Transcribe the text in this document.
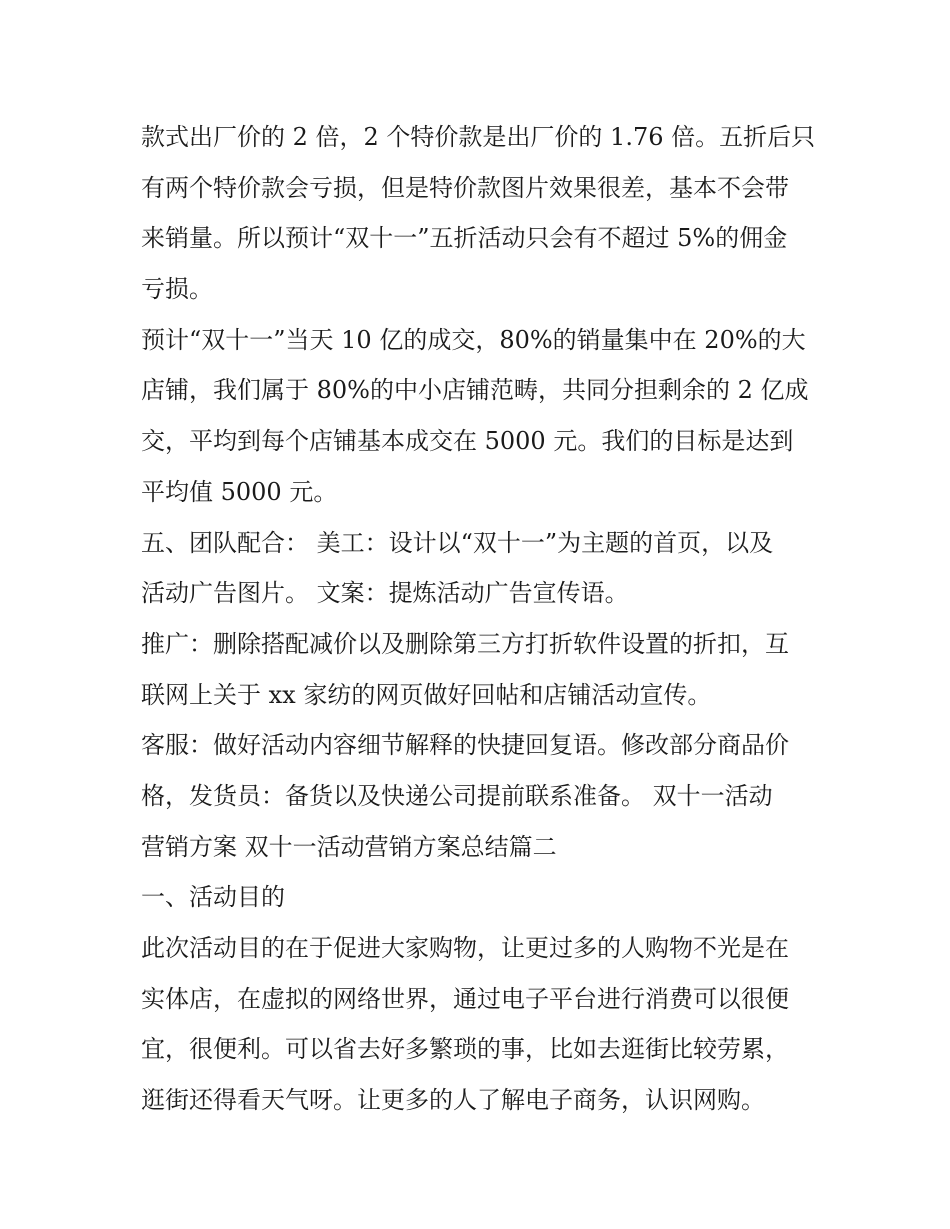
款式出厂价的 2 倍，2 个特价款是出厂价的 1.76 倍。五折后只
有两个特价款会亏损，但是特价款图片效果很差，基本不会带
来销量。所以预计“双十一”五折活动只会有不超过 5%的佣金
亏损。
预计“双十一”当天 10 亿的成交，80%的销量集中在 20%的大
店铺，我们属于 80%的中小店铺范畴，共同分担剩余的 2 亿成
交，平均到每个店铺基本成交在 5000 元。我们的目标是达到
平均值 5000 元。
五、团队配合： 美工：设计以“双十一”为主题的首页，以及
活动广告图片。 文案：提炼活动广告宣传语。
推广：删除搭配减价以及删除第三方打折软件设置的折扣，互
联网上关于 xx 家纺的网页做好回帖和店铺活动宣传。
客服：做好活动内容细节解释的快捷回复语。修改部分商品价
格，发货员：备货以及快递公司提前联系准备。 双十一活动
营销方案 双十一活动营销方案总结篇二
一、活动目的
此次活动目的在于促进大家购物，让更过多的人购物不光是在
实体店，在虚拟的网络世界，通过电子平台进行消费可以很便
宜，很便利。可以省去好多繁琐的事，比如去逛街比较劳累，
逛街还得看天气呀。让更多的人了解电子商务，认识网购。
